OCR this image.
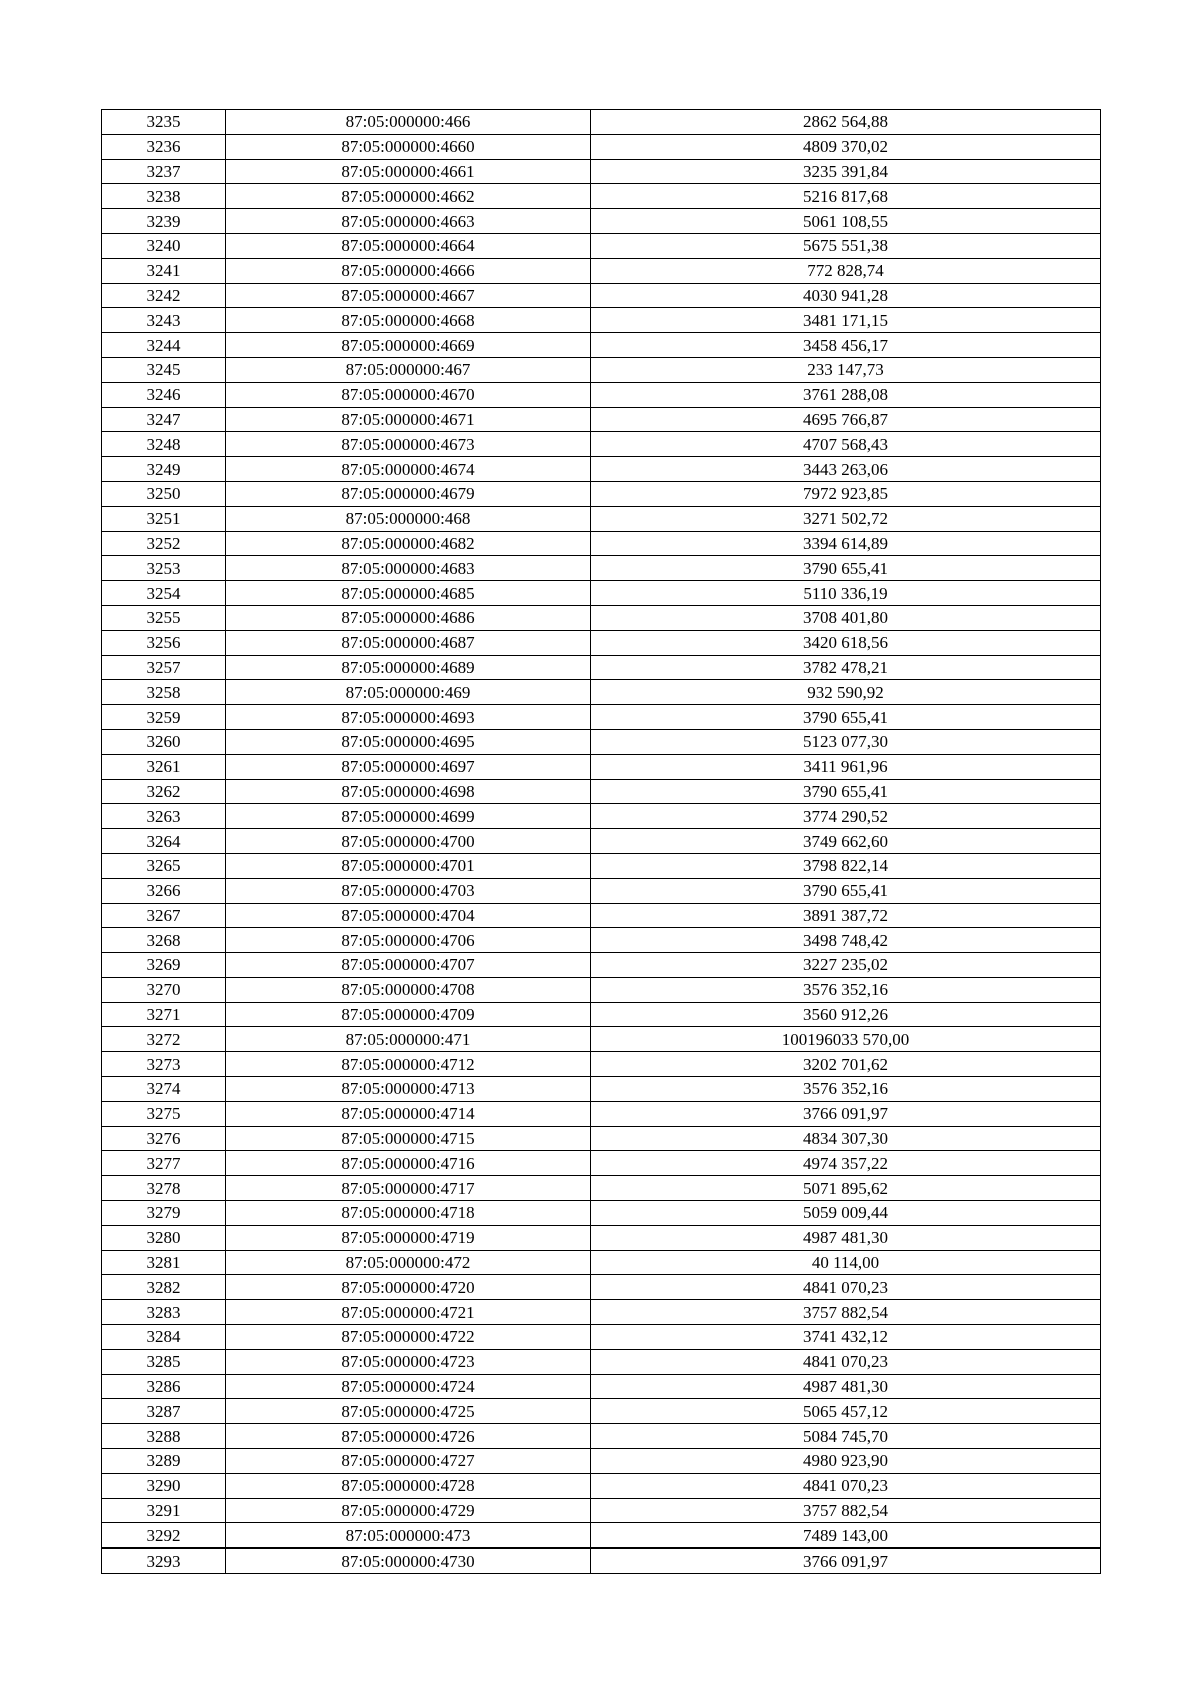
3235	87:05:000000:466	2862 564,88
3236	87:05:000000:4660	4809 370,02
3237	87:05:000000:4661	3235 391,84
3238	87:05:000000:4662	5216 817,68
3239	87:05:000000:4663	5061 108,55
3240	87:05:000000:4664	5675 551,38
3241	87:05:000000:4666	772 828,74
3242	87:05:000000:4667	4030 941,28
3243	87:05:000000:4668	3481 171,15
3244	87:05:000000:4669	3458 456,17
3245	87:05:000000:467	233 147,73
3246	87:05:000000:4670	3761 288,08
3247	87:05:000000:4671	4695 766,87
3248	87:05:000000:4673	4707 568,43
3249	87:05:000000:4674	3443 263,06
3250	87:05:000000:4679	7972 923,85
3251	87:05:000000:468	3271 502,72
3252	87:05:000000:4682	3394 614,89
3253	87:05:000000:4683	3790 655,41
3254	87:05:000000:4685	5110 336,19
3255	87:05:000000:4686	3708 401,80
3256	87:05:000000:4687	3420 618,56
3257	87:05:000000:4689	3782 478,21
3258	87:05:000000:469	932 590,92
3259	87:05:000000:4693	3790 655,41
3260	87:05:000000:4695	5123 077,30
3261	87:05:000000:4697	3411 961,96
3262	87:05:000000:4698	3790 655,41
3263	87:05:000000:4699	3774 290,52
3264	87:05:000000:4700	3749 662,60
3265	87:05:000000:4701	3798 822,14
3266	87:05:000000:4703	3790 655,41
3267	87:05:000000:4704	3891 387,72
3268	87:05:000000:4706	3498 748,42
3269	87:05:000000:4707	3227 235,02
3270	87:05:000000:4708	3576 352,16
3271	87:05:000000:4709	3560 912,26
3272	87:05:000000:471	100196033 570,00
3273	87:05:000000:4712	3202 701,62
3274	87:05:000000:4713	3576 352,16
3275	87:05:000000:4714	3766 091,97
3276	87:05:000000:4715	4834 307,30
3277	87:05:000000:4716	4974 357,22
3278	87:05:000000:4717	5071 895,62
3279	87:05:000000:4718	5059 009,44
3280	87:05:000000:4719	4987 481,30
3281	87:05:000000:472	40 114,00
3282	87:05:000000:4720	4841 070,23
3283	87:05:000000:4721	3757 882,54
3284	87:05:000000:4722	3741 432,12
3285	87:05:000000:4723	4841 070,23
3286	87:05:000000:4724	4987 481,30
3287	87:05:000000:4725	5065 457,12
3288	87:05:000000:4726	5084 745,70
3289	87:05:000000:4727	4980 923,90
3290	87:05:000000:4728	4841 070,23
3291	87:05:000000:4729	3757 882,54
3292	87:05:000000:473	7489 143,00
3293	87:05:000000:4730	3766 091,97
